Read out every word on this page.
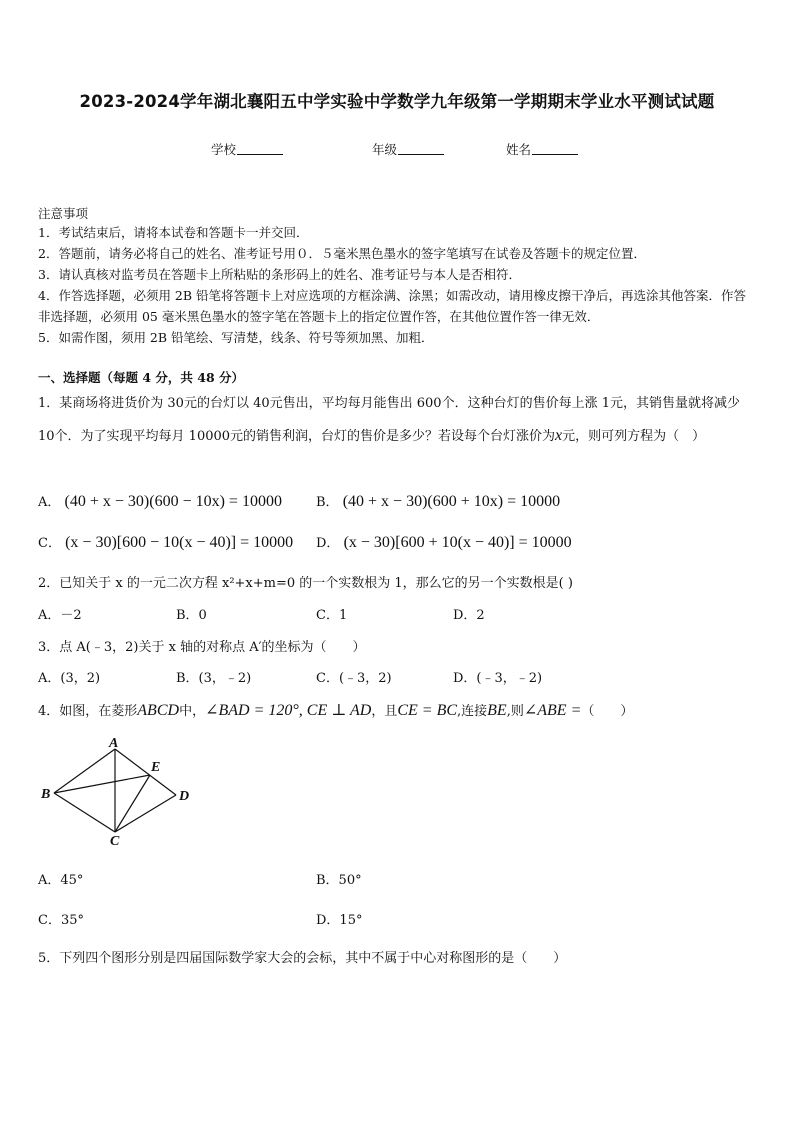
2023-2024学年湖北襄阳五中学实验中学数学九年级第一学期期末学业水平测试试题
学校	年级	姓名
注意事项

1．考试结束后，请将本试卷和答题卡一并交回．

2．答题前，请务必将自己的姓名、准考证号用０．５毫米黑色墨水的签字笔填写在试卷及答题卡的规定位置．

3．请认真核对监考员在答题卡上所粘贴的条形码上的姓名、准考证号与本人是否相符．

4．作答选择题，必须用 2B 铅笔将答题卡上对应选项的方框涂满、涂黑；如需改动，请用橡皮擦干净后，再选涂其他答案．作答非选择题，必须用 05 毫米黑色墨水的签字笔在答题卡上的指定位置作答，在其他位置作答一律无效．

5．如需作图，须用 2B 铅笔绘、写清楚，线条、符号等须加黑、加粗．

一、选择题（每题 4 分，共 48 分）
1．某商场将进货价为 30元的台灯以 40元售出，平均每月能售出 600个．这种台灯的售价每上涨 1元，其销售量就将减少 10个．为了实现平均每月 10000元的销售利润，台灯的售价是多少？若设每个台灯涨价为x元，则可列方程为（　）
A． (40 + x − 30)(600 − 10x) = 10000	B． (40 + x − 30)(600 + 10x) = 10000
C． (x − 30)[600 − 10(x − 40)] = 10000 D． (x − 30)[600 + 10(x − 40)] = 10000
2．已知关于 x 的一元二次方程 x²+x+m=0 的一个实数根为 1，那么它的另一个实数根是( )
A．－2	B．0	C．1	D．2
3．点 A(﹣3，2)关于 x 轴的对称点 A′的坐标为（　　）
A．(3，2)	B．(3，﹣2)	C．(﹣3，2)	D．(﹣3，﹣2)
4．如图，在菱形ABCD中，∠BAD = 120°, CE ⊥ AD，且CE = BC,连接BE,则∠ABE =（　　）
A
B
C
D
E
A．45°	B．50°
C．35°	D．15°
5．下列四个图形分别是四届国际数学家大会的会标，其中不属于中心对称图形的是（　　）
